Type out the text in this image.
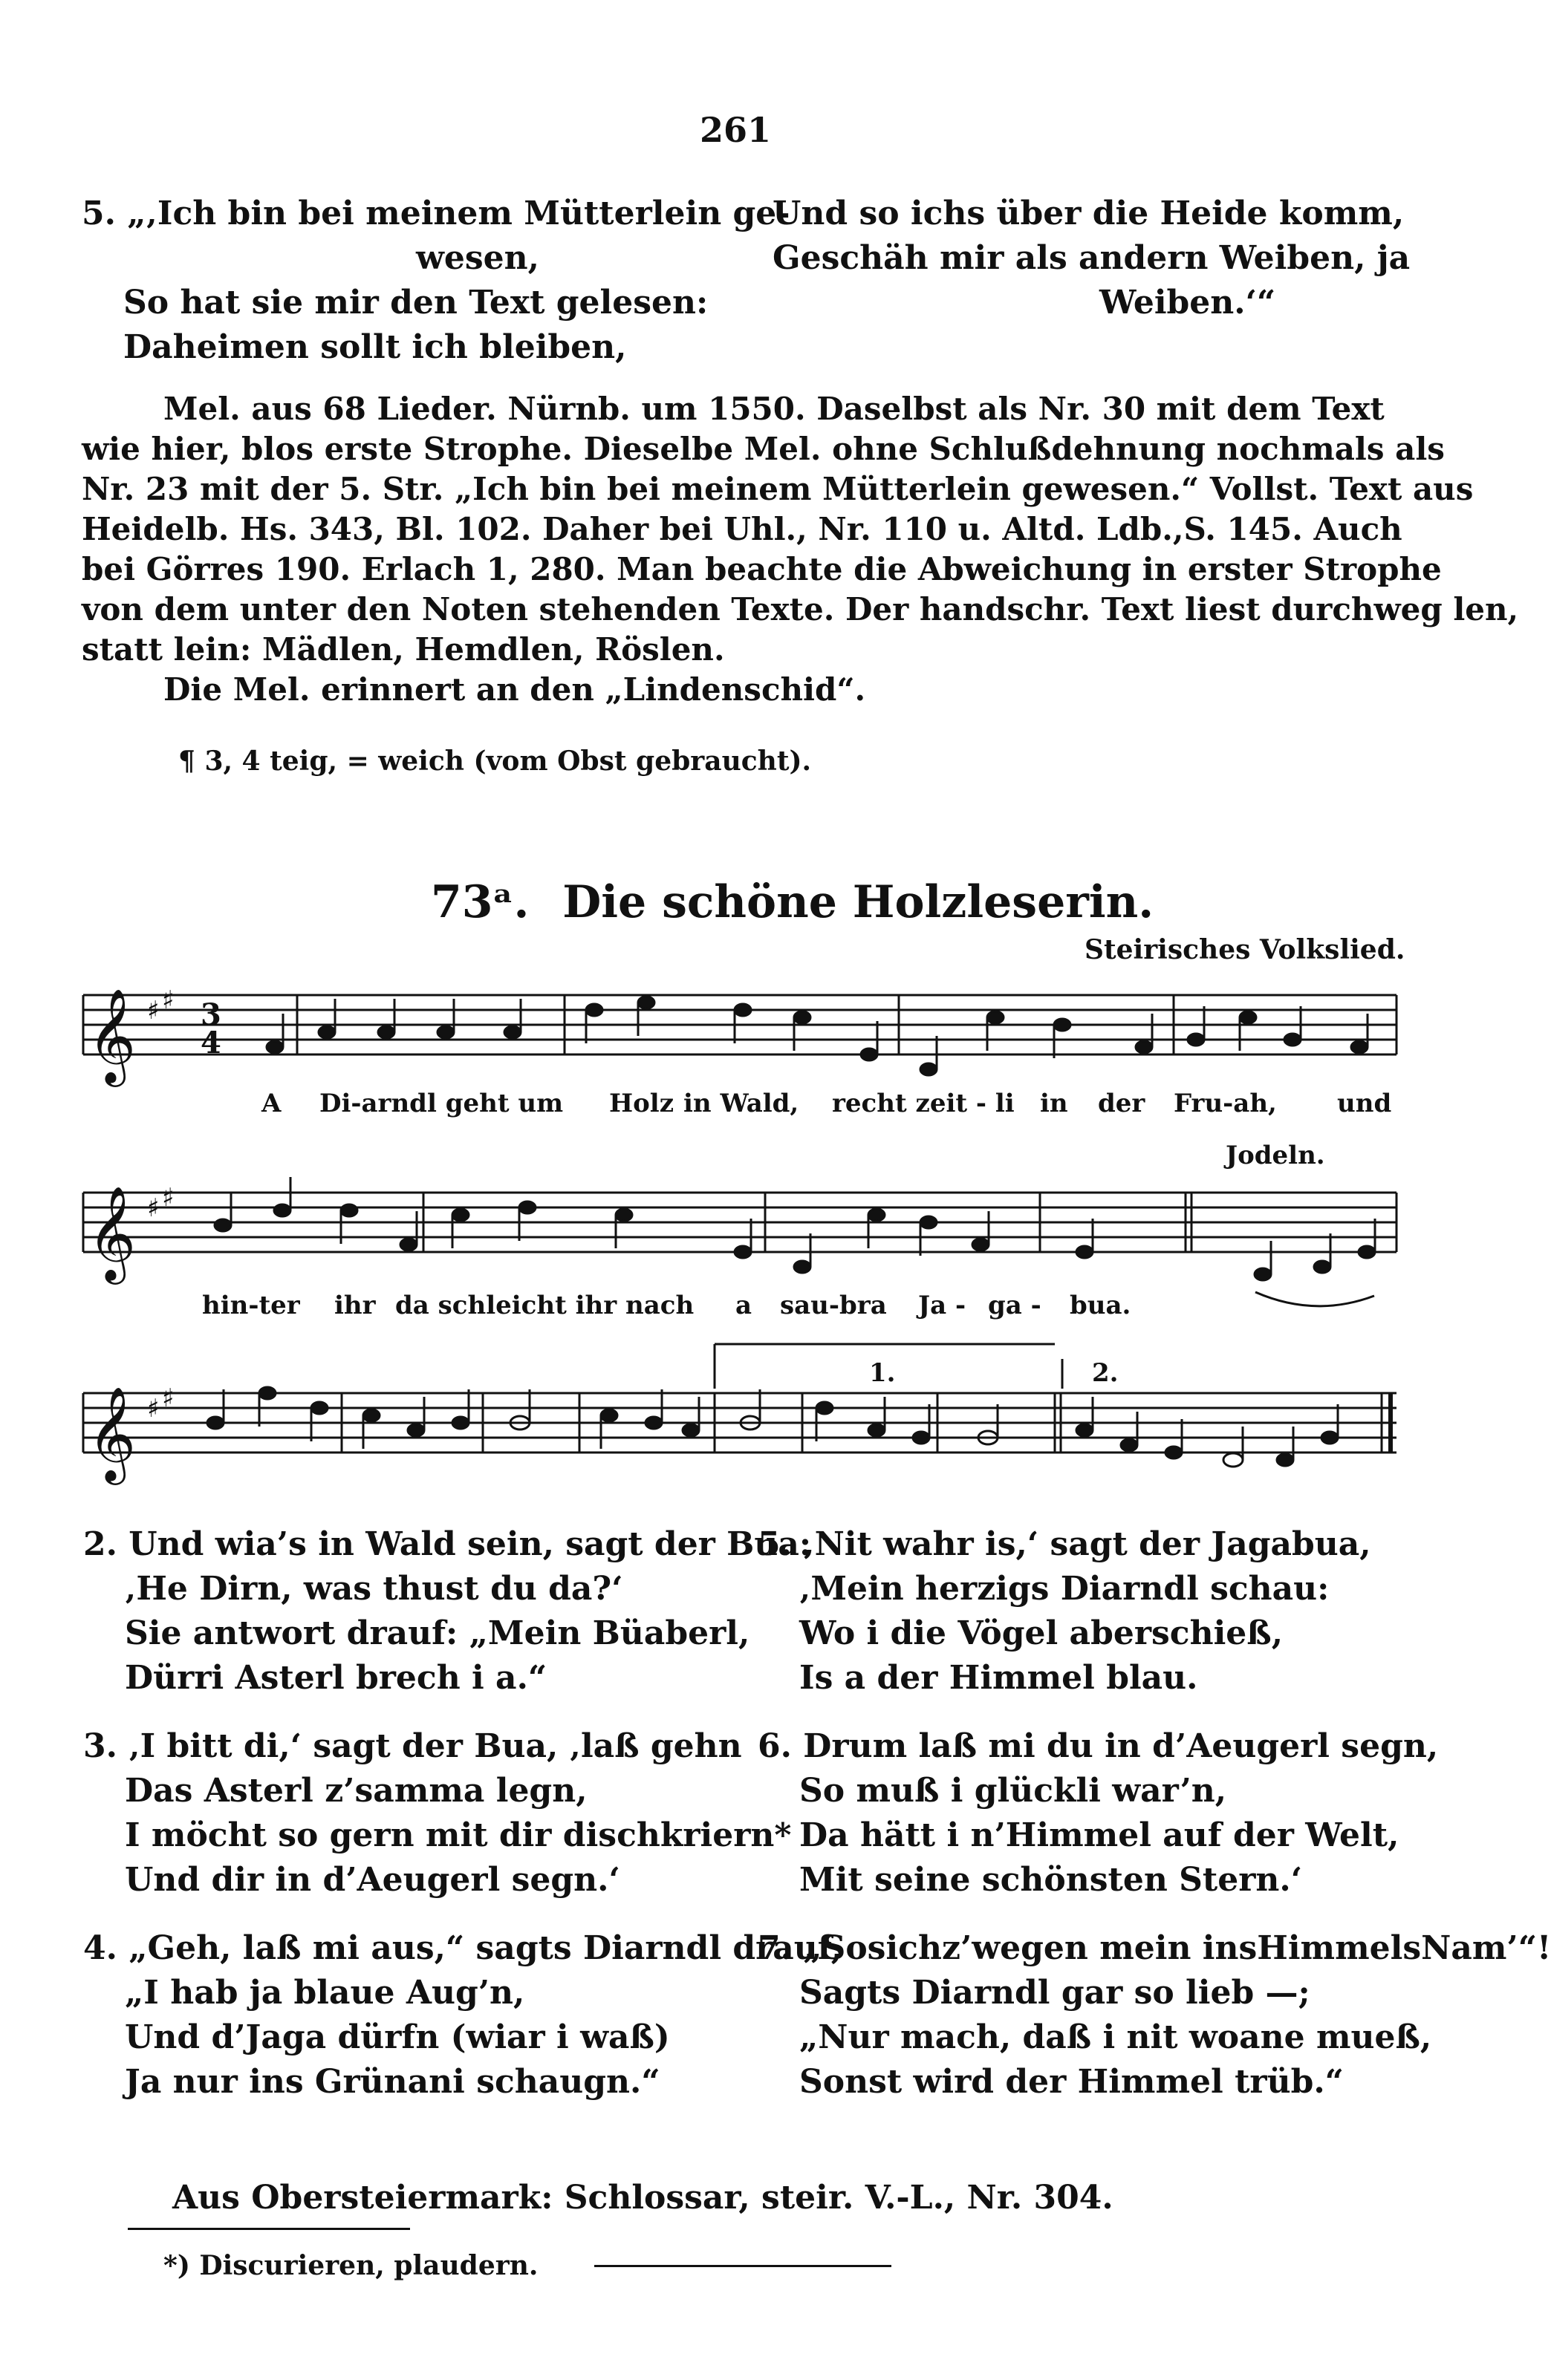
261
5. „‚Ich bin bei meinem Mütterlein ge-
wesen,
So hat sie mir den Text gelesen:
Daheimen sollt ich bleiben,
Und so ichs über die Heide komm,
Geschäh mir als andern Weiben, ja
Weiben.‘“
Mel. aus 68 Lieder. Nürnb. um 1550. Daselbst als Nr. 30 mit dem Text
wie hier, blos erste Strophe. Dieselbe Mel. ohne Schlußdehnung nochmals als
Nr. 23 mit der 5. Str. „Ich bin bei meinem Mütterlein gewesen.“ Vollst. Text aus
Heidelb. Hs. 343, Bl. 102. Daher bei Uhl., Nr. 110 u. Altd. Ldb.,S. 145. Auch
bei Görres 190. Erlach 1, 280. Man beachte die Abweichung in erster Strophe
von dem unter den Noten stehenden Texte. Der handschr. Text liest durchweg len,
statt lein: Mädlen, Hemdlen, Röslen.
Die Mel. erinnert an den „Lindenschid“.
¶ 3, 4 teig, = weich (vom Obst gebraucht).
73ᵃ. Die schöne Holzleserin.
Steirisches Volkslied.
𝄞 ♯ ♯ 3
4
𝄞 ♯ ♯
1.	2.
𝄞 ♯ ♯
A Di-arndl geht um Holz in Wald, recht zeit - li in der Fru-ah, und
Jodeln.
hin-ter ihr da schleicht ihr nach a sau-bra Ja - ga - bua.
2. Und wia’s in Wald sein, sagt der Bua:
‚He Dirn, was thust du da?‘
Sie antwort drauf: „Mein Büaberl,
Dürri Asterl brech i a.“
3. ‚I bitt di,‘ sagt der Bua, ‚laß gehn
Das Asterl z’samma legn,
I möcht so gern mit dir dischkriern*
Und dir in d’Aeugerl segn.‘
4. „Geh, laß mi aus,“ sagts Diarndl drauf,
„I hab ja blaue Aug’n,
Und d’Jaga dürfn (wiar i waß)
Ja nur ins Grünani schaugn.“
5. ‚Nit wahr is,‘ sagt der Jagabua,
‚Mein herzigs Diarndl schau:
Wo i die Vögel aberschieß,
Is a der Himmel blau.
6. Drum laß mi du in d’Aeugerl segn,
So muß i glückli war’n,
Da hätt i n’Himmel auf der Welt,
Mit seine schönsten Stern.‘
7. „Sosichz’wegen mein insHimmelsNam’“!
Sagts Diarndl gar so lieb —;
„Nur mach, daß i nit woane mueß,
Sonst wird der Himmel trüb.“
Aus Obersteiermark: Schlossar, steir. V.-L., Nr. 304.
*) Discurieren, plaudern.
